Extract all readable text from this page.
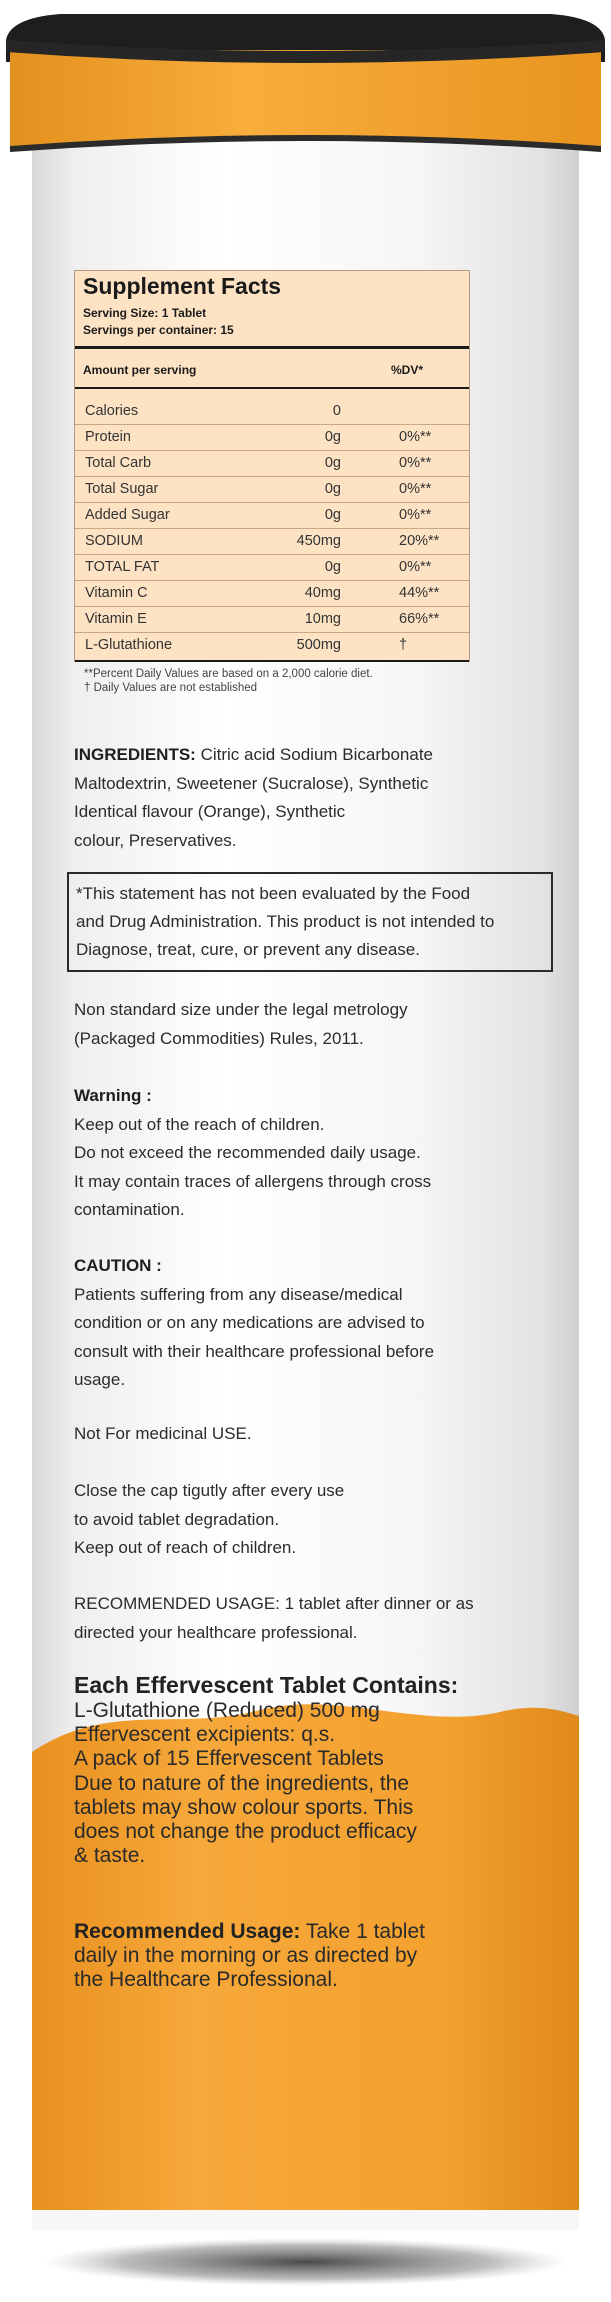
Supplement Facts
Serving Size: 1 Tablet
Servings per container: 15
Amount per serving	%DV*
Calories	0
Protein	0g	0%**
Total Carb	0g	0%**
Total Sugar	0g	0%**
Added Sugar	0g	0%**
SODIUM	450mg	20%**
TOTAL FAT	0g	0%**
Vitamin C	40mg	44%**
Vitamin E	10mg	66%**
L-Glutathione	500mg	†
**Percent Daily Values are based on a 2,000 calorie diet.
† Daily Values are not established
INGREDIENTS: Citric acid Sodium Bicarbonate
Maltodextrin, Sweetener (Sucralose), Synthetic
Identical flavour (Orange), Synthetic
colour, Preservatives.
*This statement has not been evaluated by the Food
and Drug Administration. This product is not intended to
Diagnose, treat, cure, or prevent any disease.
Non standard size under the legal metrology
(Packaged Commodities) Rules, 2011.
Warning :
Keep out of the reach of children.
Do not exceed the recommended daily usage.
It may contain traces of allergens through cross
contamination.
CAUTION :
Patients suffering from any disease/medical
condition or on any medications are advised to
consult with their healthcare professional before
usage.
Not For medicinal USE.
Close the cap tigutly after every use
to avoid tablet degradation.
Keep out of reach of children.
RECOMMENDED USAGE: 1 tablet after dinner or as
directed your healthcare professional.
Each Effervescent Tablet Contains:
L-Glutathione (Reduced) 500 mg
Effervescent excipients: q.s.
A pack of 15 Effervescent Tablets
Due to nature of the ingredients, the
tablets may show colour sports. This
does not change the product efficacy
& taste.
Recommended Usage: Take 1 tablet
daily in the morning or as directed by
the Healthcare Professional.
